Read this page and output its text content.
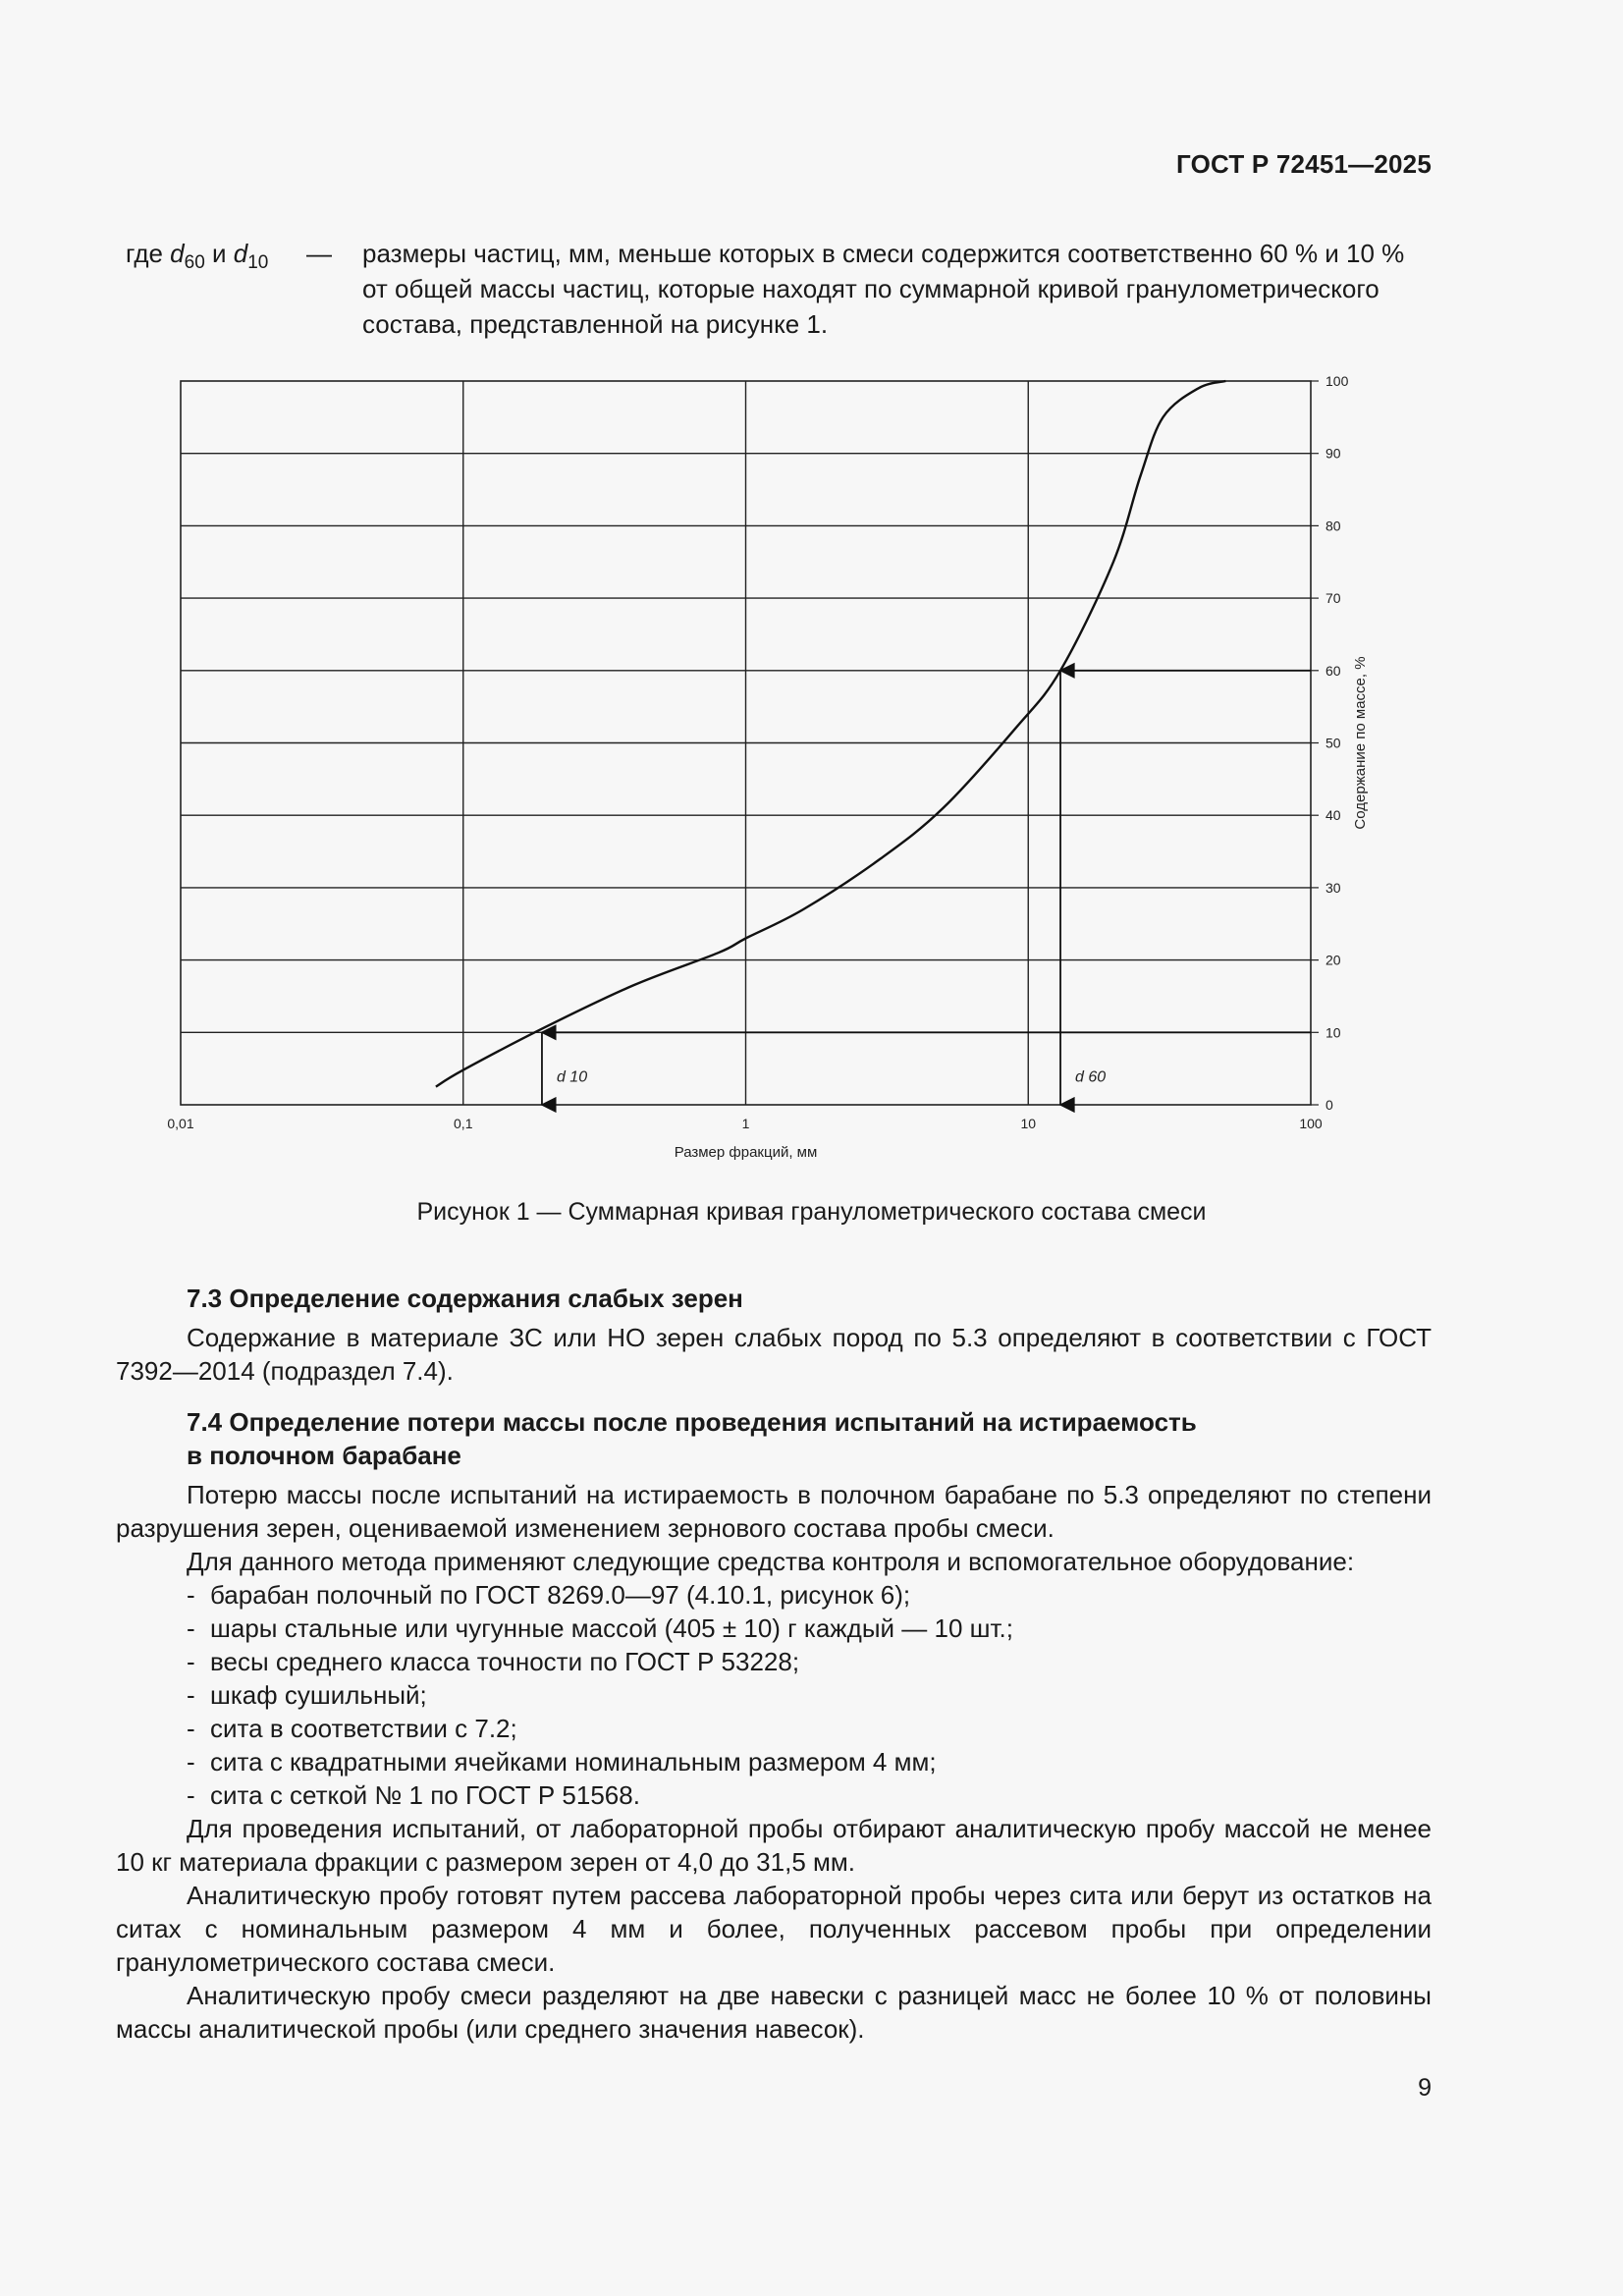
ГОСТ Р 72451—2025
где $d_{60}$ и $d_{10}$ — размеры частиц, мм, меньше которых в смеси содержится соответственно 60 % и 10 % от общей массы частиц, которые находят по суммарной кривой гранулометрического состава, представленной на рисунке 1.
0
10
20
30
40
50
60
70
80
90
100
0,01	0,1	1	10	100
d 10	d 60
Размер фракций, мм
Содержание по массе, %
Рисунок 1 — Суммарная кривая гранулометрического состава смеси

7.3 Определение содержания слабых зерен

Содержание в материале ЗС или НО зерен слабых пород по 5.3 определяют в соответствии с ГОСТ 7392—2014 (подраздел 7.4).

7.4 Определение потери массы после проведения испытаний на истираемость

в полочном барабане

Потерю массы после испытаний на истираемость в полочном барабане по 5.3 определяют по степени разрушения зерен, оцениваемой изменением зернового состава пробы смеси.

Для данного метода применяют следующие средства контроля и вспомогательное оборудование:

- барабан полочный по ГОСТ 8269.0—97 (4.10.1, рисунок 6);
- шары стальные или чугунные массой (405 ± 10) г каждый — 10 шт.;
- весы среднего класса точности по ГОСТ Р 53228;
- шкаф сушильный;
- сита в соответствии с 7.2;
- сита с квадратными ячейками номинальным размером 4 мм;
- сита с сеткой № 1 по ГОСТ Р 51568.

Для проведения испытаний, от лабораторной пробы отбирают аналитическую пробу массой не менее 10 кг материала фракции с размером зерен от 4,0 до 31,5 мм.

Аналитическую пробу готовят путем рассева лабораторной пробы через сита или берут из остатков на ситах с номинальным размером 4 мм и более, полученных рассевом пробы при определении гранулометрического состава смеси.

Аналитическую пробу смеси разделяют на две навески с разницей масс не более 10 % от половины массы аналитической пробы (или среднего значения навесок).

9
